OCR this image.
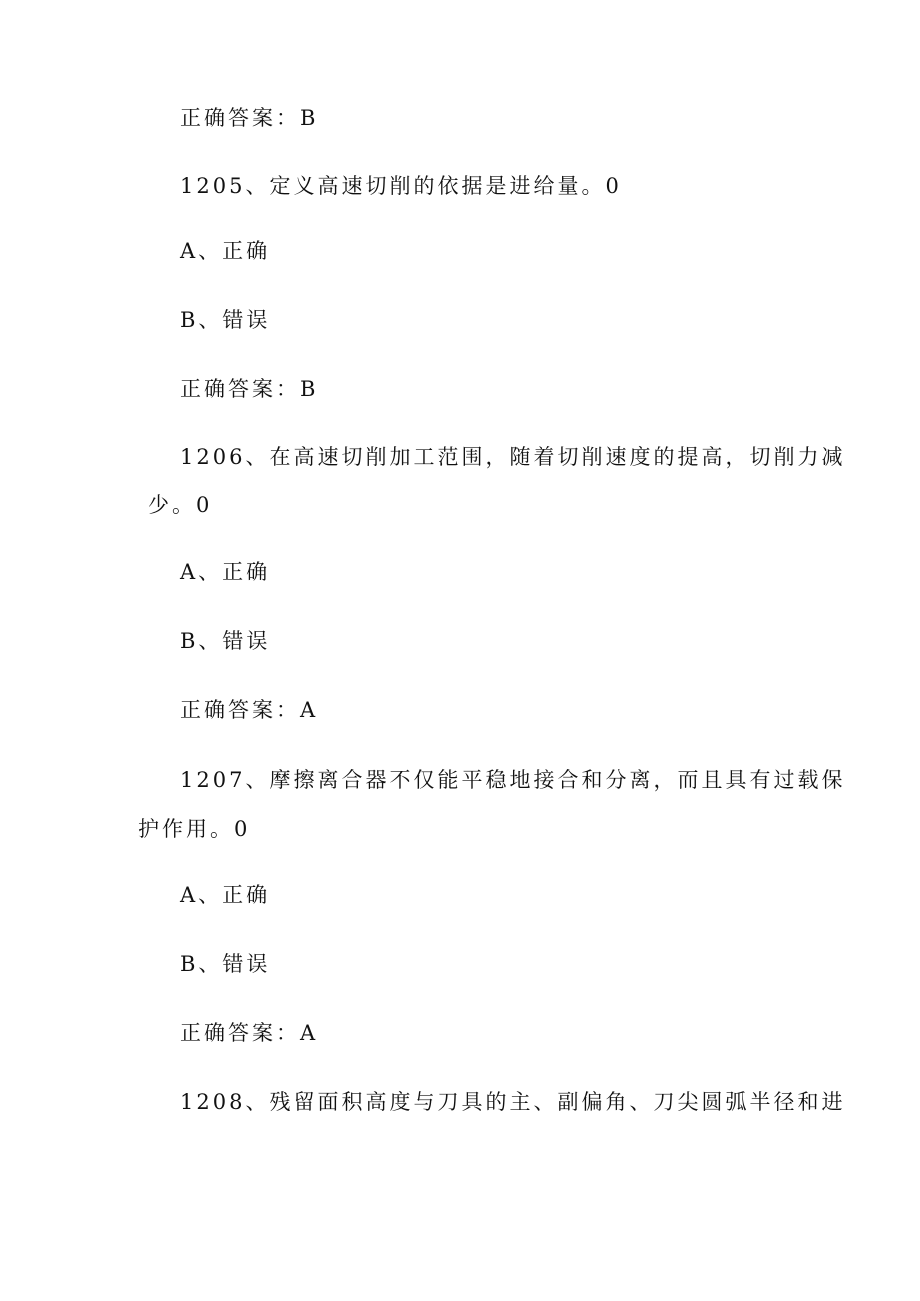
正确答案：B
1205、定义高速切削的依据是进给量。0
A、正确
B、错误
正确答案：B
1206、在高速切削加工范围，随着切削速度的提高，切削力减
少。0
A、正确
B、错误
正确答案：A
1207、摩擦离合器不仅能平稳地接合和分离，而且具有过载保
护作用。0
A、正确
B、错误
正确答案：A
1208、残留面积高度与刀具的主、副偏角、刀尖圆弧半径和进
